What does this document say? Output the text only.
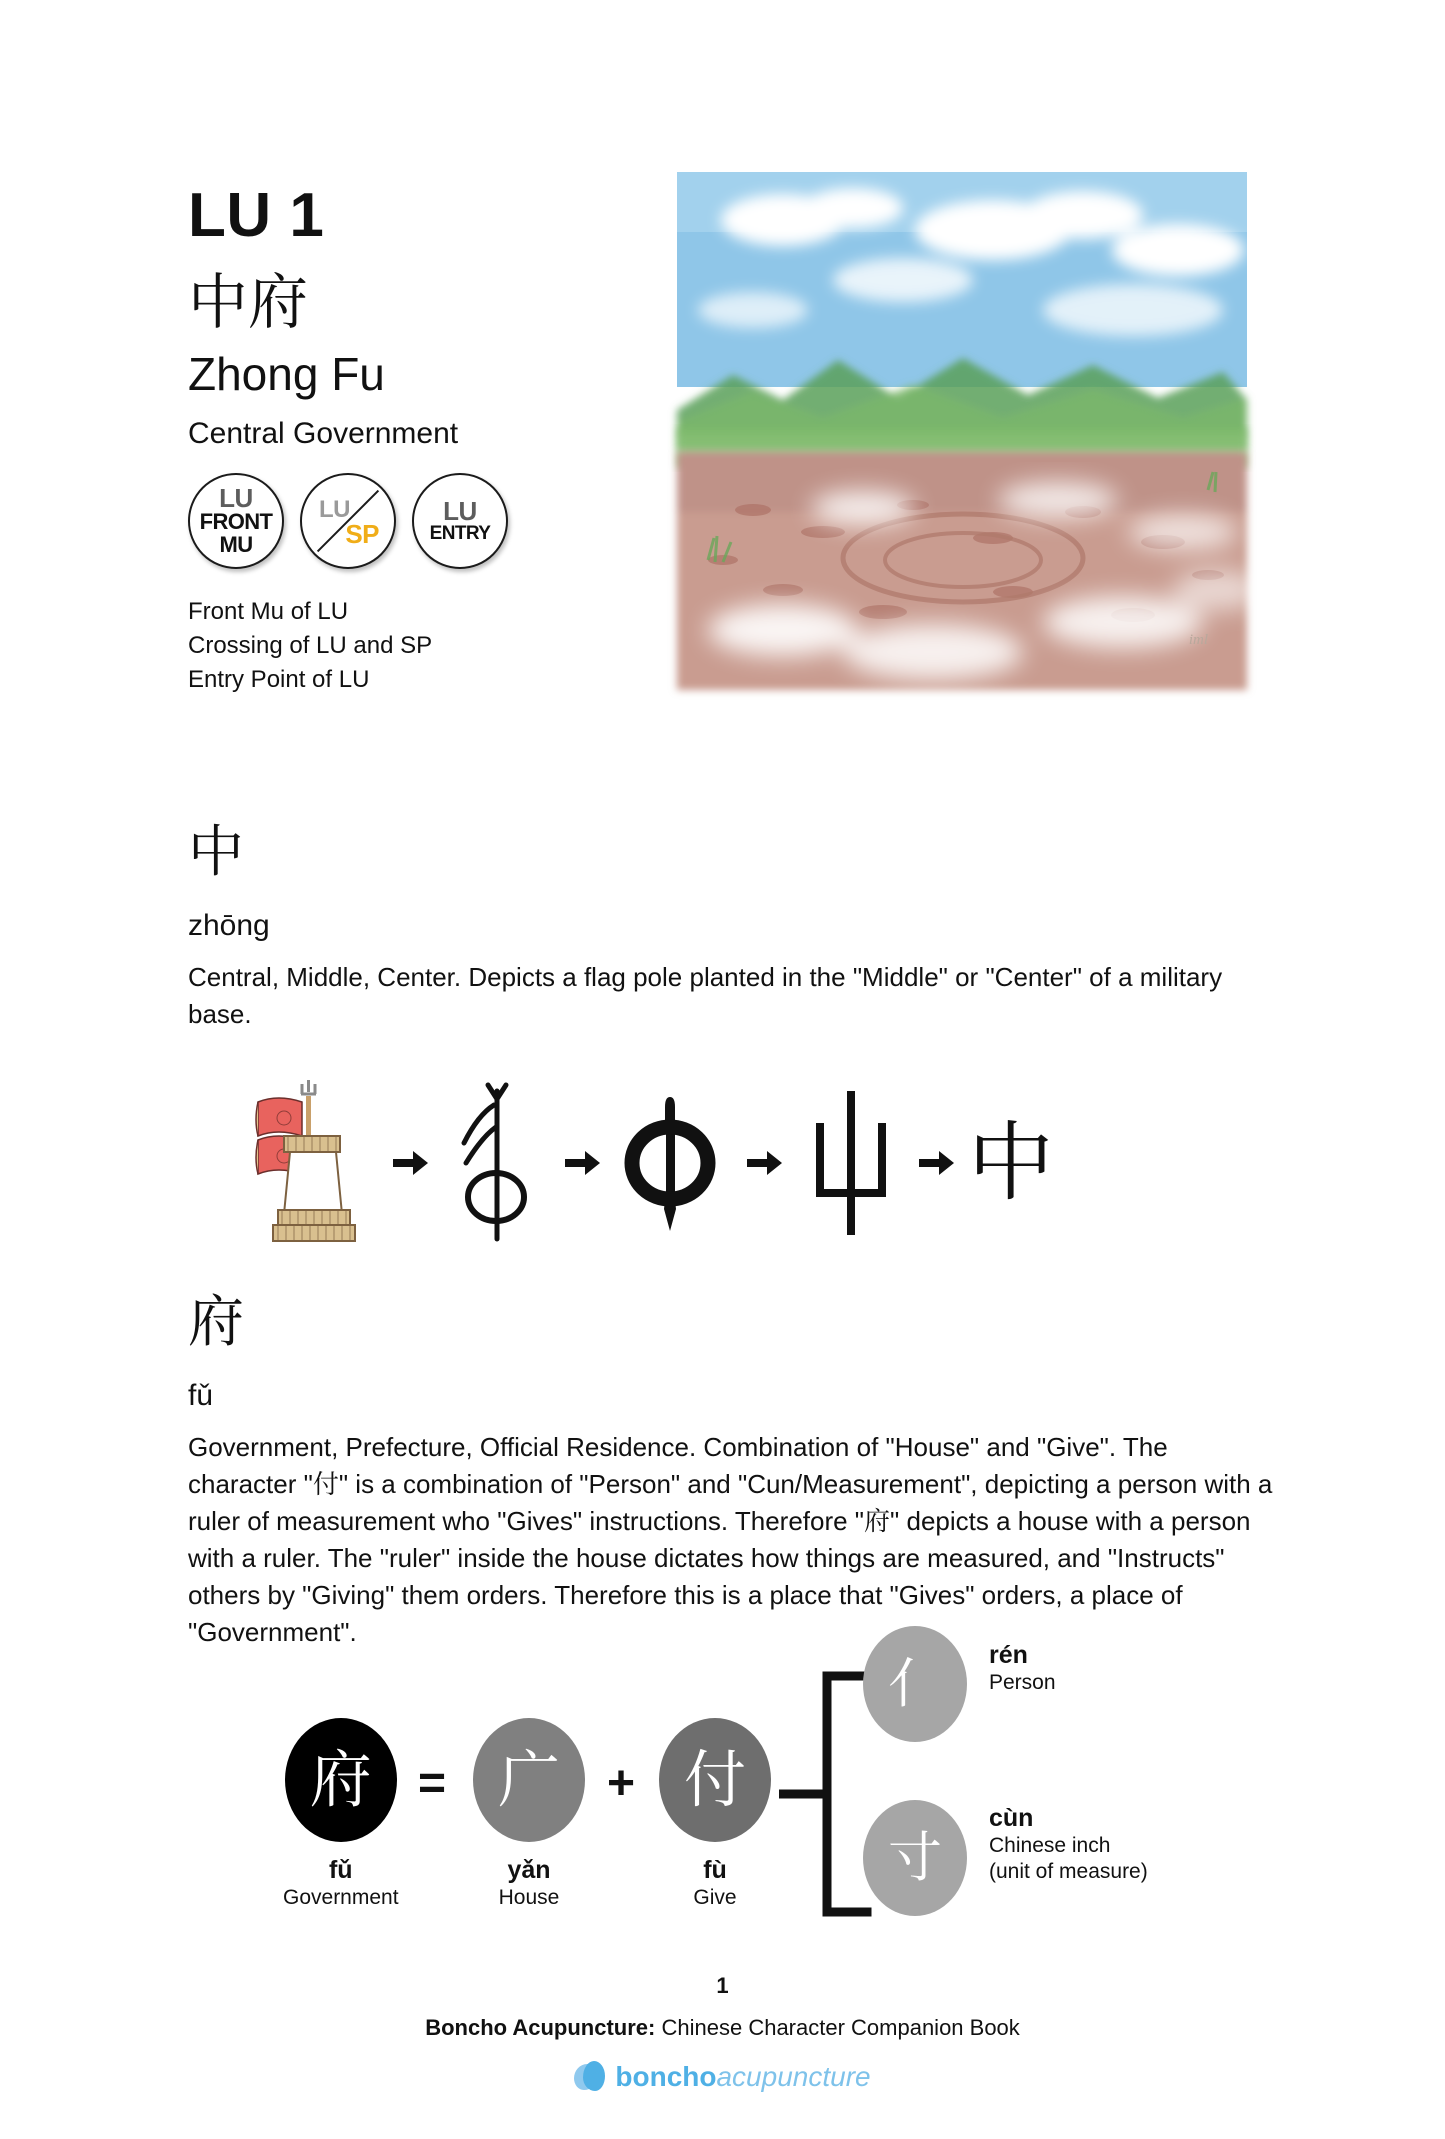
LU 1
中府
Zhong Fu
Central Government
LU
FRONT
MU
LU
SP
LU
ENTRY
Front Mu of LU
Crossing of LU and SP
Entry Point of LU
iml
中
zhōng
Central, Middle, Center. Depicts a flag pole planted in the "Middle" or "Center" of a military base.
中
府
fǔ
Government, Prefecture, Official Residence. Combination of "House" and "Give". The character "付" is a combination of "Person" and "Cun/Measurement", depicting a person with a ruler of measurement who "Gives" instructions. Therefore "府" depicts a house with a person with a ruler. The "ruler" inside the house dictates how things are measured, and "Instructs" others by "Giving" them orders. Therefore this is a place that "Gives" orders, a place of "Government".
府
fǔ
Government
= 广
yǎn
House
+ 付
fù
Give
亻	rén
Person
寸
cùn
Chinese inch
(unit of measure)
1
Boncho Acupuncture: Chinese Character Companion Book
bonchoacupuncture
